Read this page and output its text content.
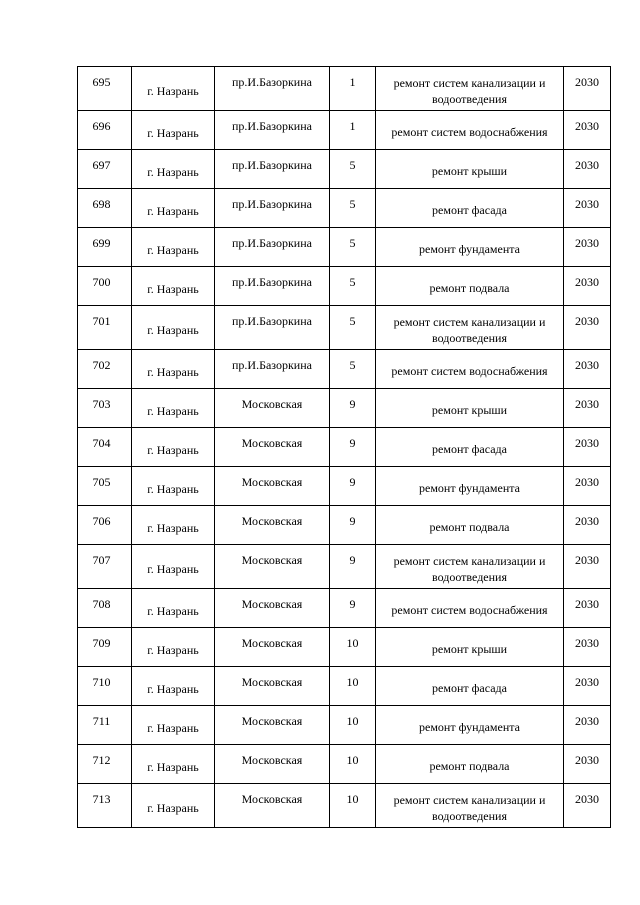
695	г. Назрань	пр.И.Базоркина	1	ремонт систем канализации и водоотведения	2030
696	г. Назрань	пр.И.Базоркина	1	ремонт систем водоснабжения	2030
697	г. Назрань	пр.И.Базоркина	5	ремонт крыши	2030
698	г. Назрань	пр.И.Базоркина	5	ремонт фасада	2030
699	г. Назрань	пр.И.Базоркина	5	ремонт фундамента	2030
700	г. Назрань	пр.И.Базоркина	5	ремонт подвала	2030
701	г. Назрань	пр.И.Базоркина	5	ремонт систем канализации и водоотведения	2030
702	г. Назрань	пр.И.Базоркина	5	ремонт систем водоснабжения	2030
703	г. Назрань	Московская	9	ремонт крыши	2030
704	г. Назрань	Московская	9	ремонт фасада	2030
705	г. Назрань	Московская	9	ремонт фундамента	2030
706	г. Назрань	Московская	9	ремонт подвала	2030
707	г. Назрань	Московская	9	ремонт систем канализации и водоотведения	2030
708	г. Назрань	Московская	9	ремонт систем водоснабжения	2030
709	г. Назрань	Московская	10	ремонт крыши	2030
710	г. Назрань	Московская	10	ремонт фасада	2030
711	г. Назрань	Московская	10	ремонт фундамента	2030
712	г. Назрань	Московская	10	ремонт подвала	2030
713	г. Назрань	Московская	10	ремонт систем канализации и водоотведения	2030
